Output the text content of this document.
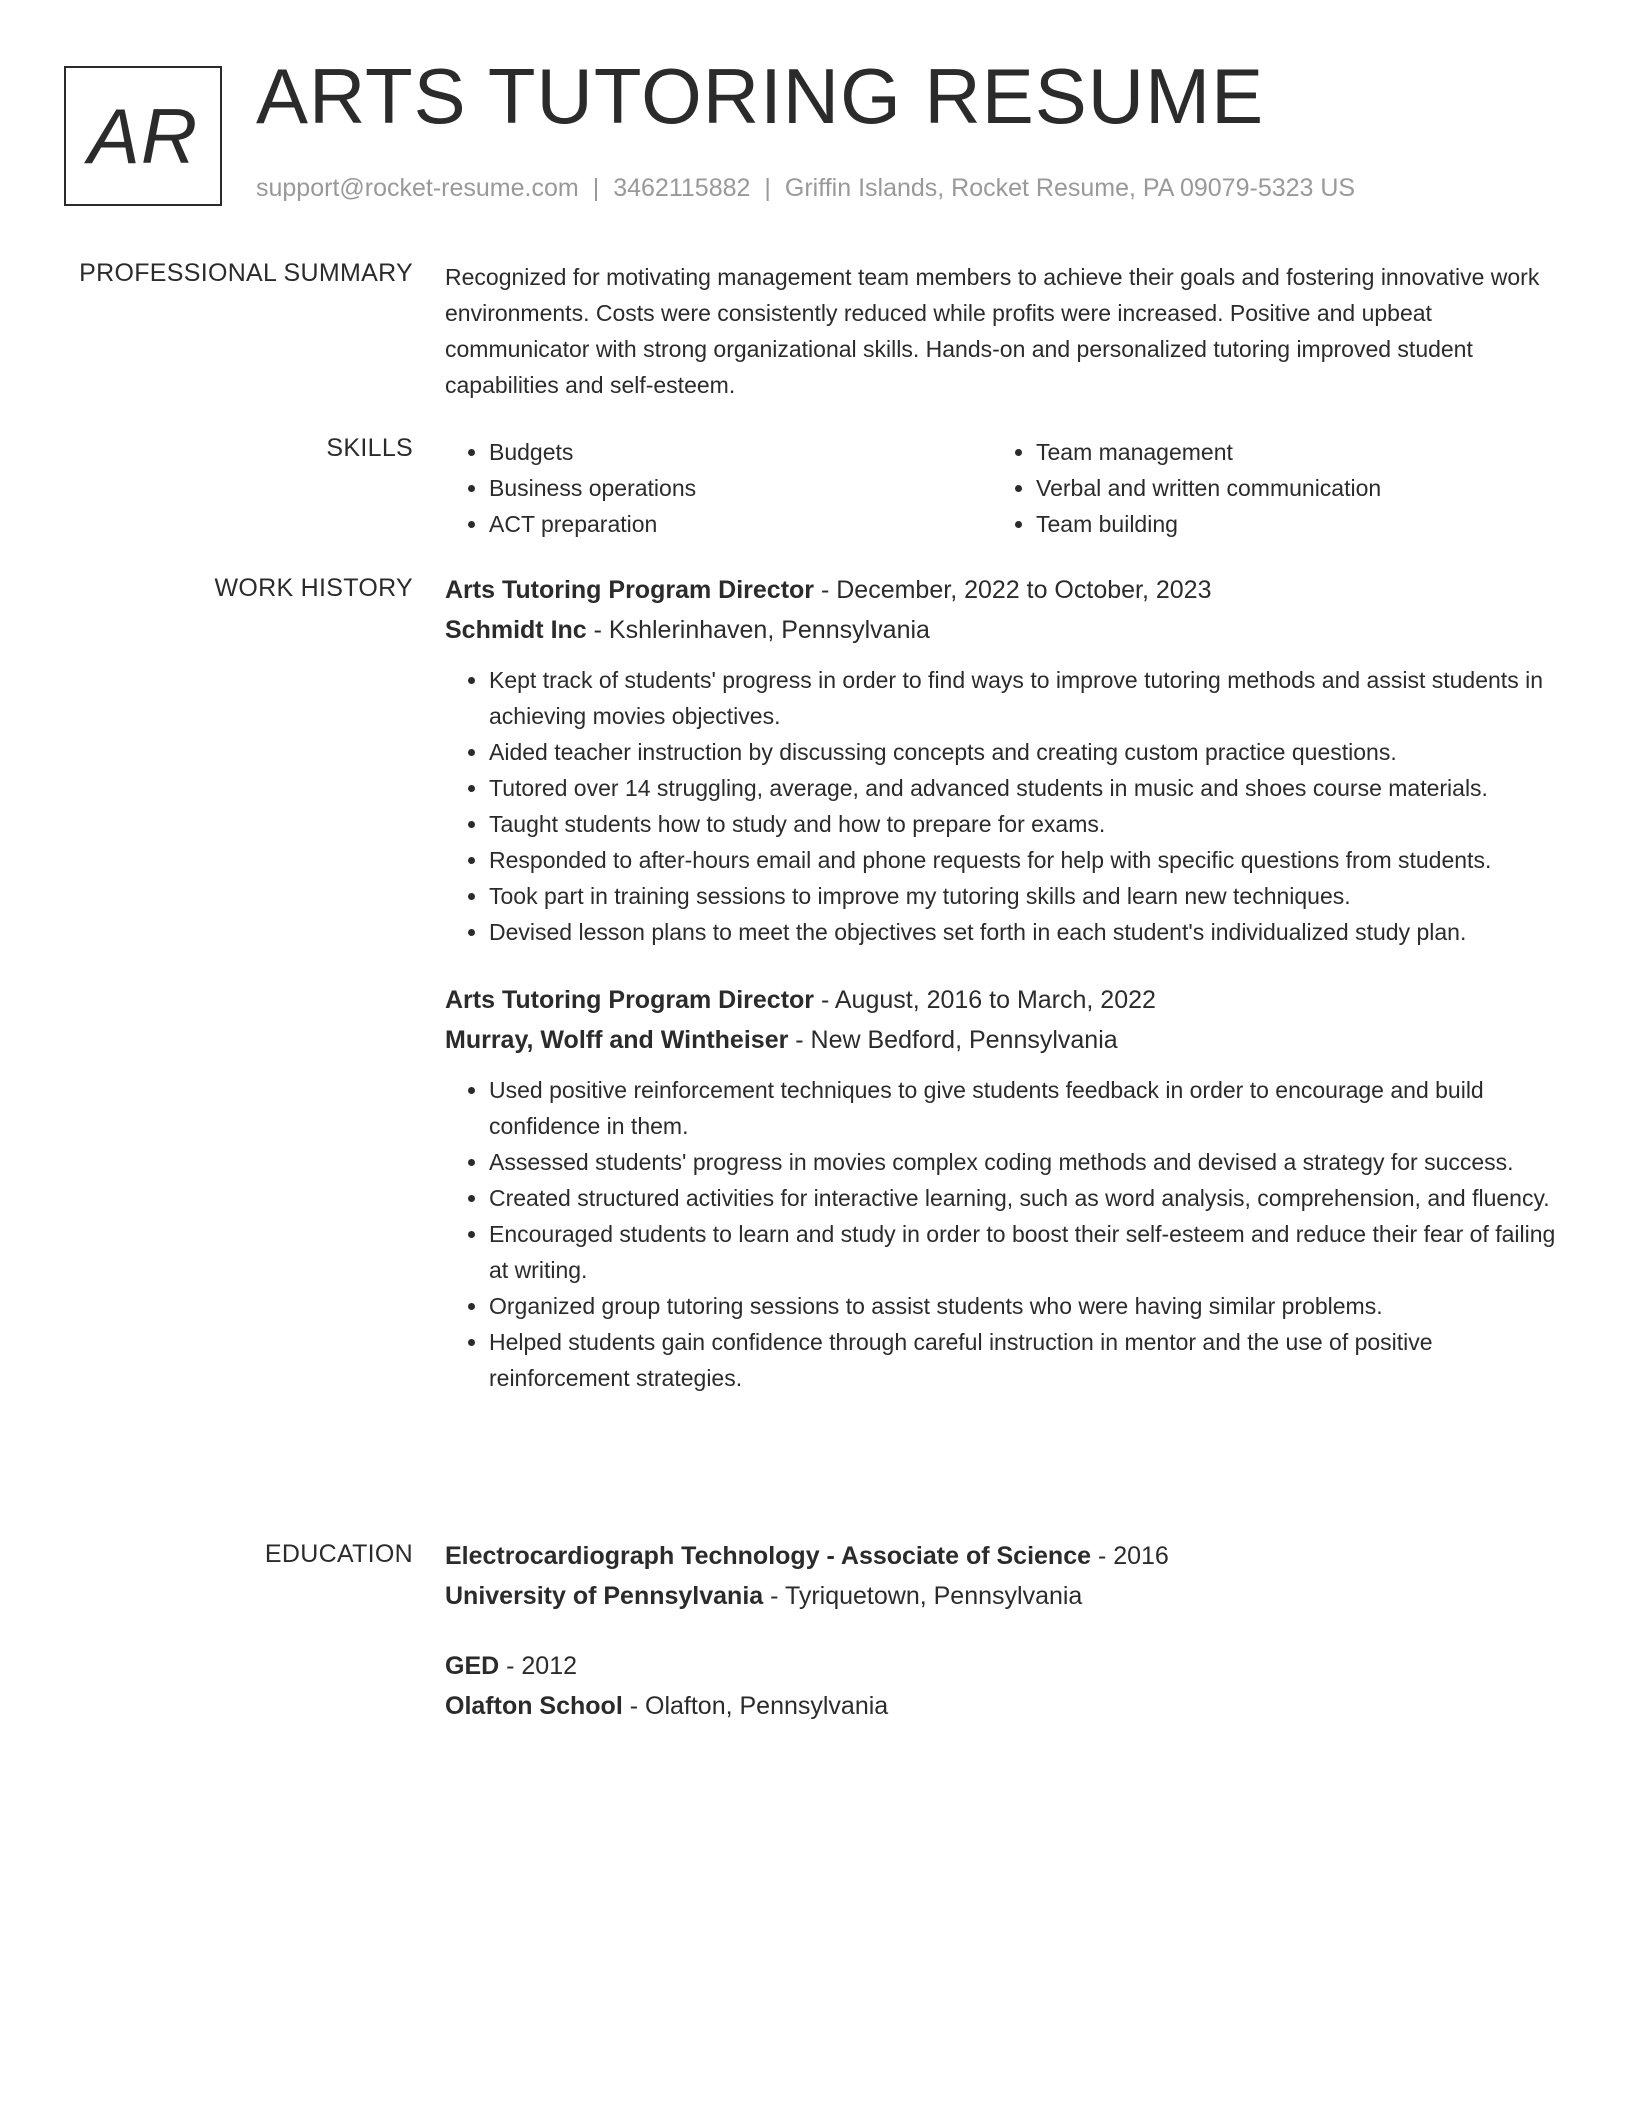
AR ARTS TUTORING RESUME
support@rocket-resume.com | 3462115882 | Griffin Islands, Rocket Resume, PA 09079-5323 US
PROFESSIONAL SUMMARY Recognized for motivating management team members to achieve their goals and fostering innovative work environments. Costs were consistently reduced while profits were increased. Positive and upbeat communicator with strong organizational skills. Hands-on and personalized tutoring improved student capabilities and self-esteem.

SKILLS
•	Budgets
• Business operations
• ACT preparation
• Team management
• Verbal and written communication
• Team building
WORK HISTORY Arts Tutoring Program Director - December, 2022 to October, 2023
Schmidt Inc - Kshlerinhaven, Pennsylvania
• Kept track of students' progress in order to find ways to improve tutoring methods and assist students in achieving movies objectives.
• Aided teacher instruction by discussing concepts and creating custom practice questions.
• Tutored over 14 struggling, average, and advanced students in music and shoes course materials.
• Taught students how to study and how to prepare for exams.
• Responded to after-hours email and phone requests for help with specific questions from students.
• Took part in training sessions to improve my tutoring skills and learn new techniques.
• Devised lesson plans to meet the objectives set forth in each student's individualized study plan.
Arts Tutoring Program Director - August, 2016 to March, 2022
Murray, Wolff and Wintheiser - New Bedford, Pennsylvania
• Used positive reinforcement techniques to give students feedback in order to encourage and build confidence in them.
• Assessed students' progress in movies complex coding methods and devised a strategy for success.
• Created structured activities for interactive learning, such as word analysis, comprehension, and fluency.
• Encouraged students to learn and study in order to boost their self-esteem and reduce their fear of failing at writing.
• Organized group tutoring sessions to assist students who were having similar problems.
• Helped students gain confidence through careful instruction in mentor and the use of positive reinforcement strategies.
EDUCATION Electrocardiograph Technology - Associate of Science - 2016
University of Pennsylvania - Tyriquetown, Pennsylvania
GED - 2012
Olafton School - Olafton, Pennsylvania
